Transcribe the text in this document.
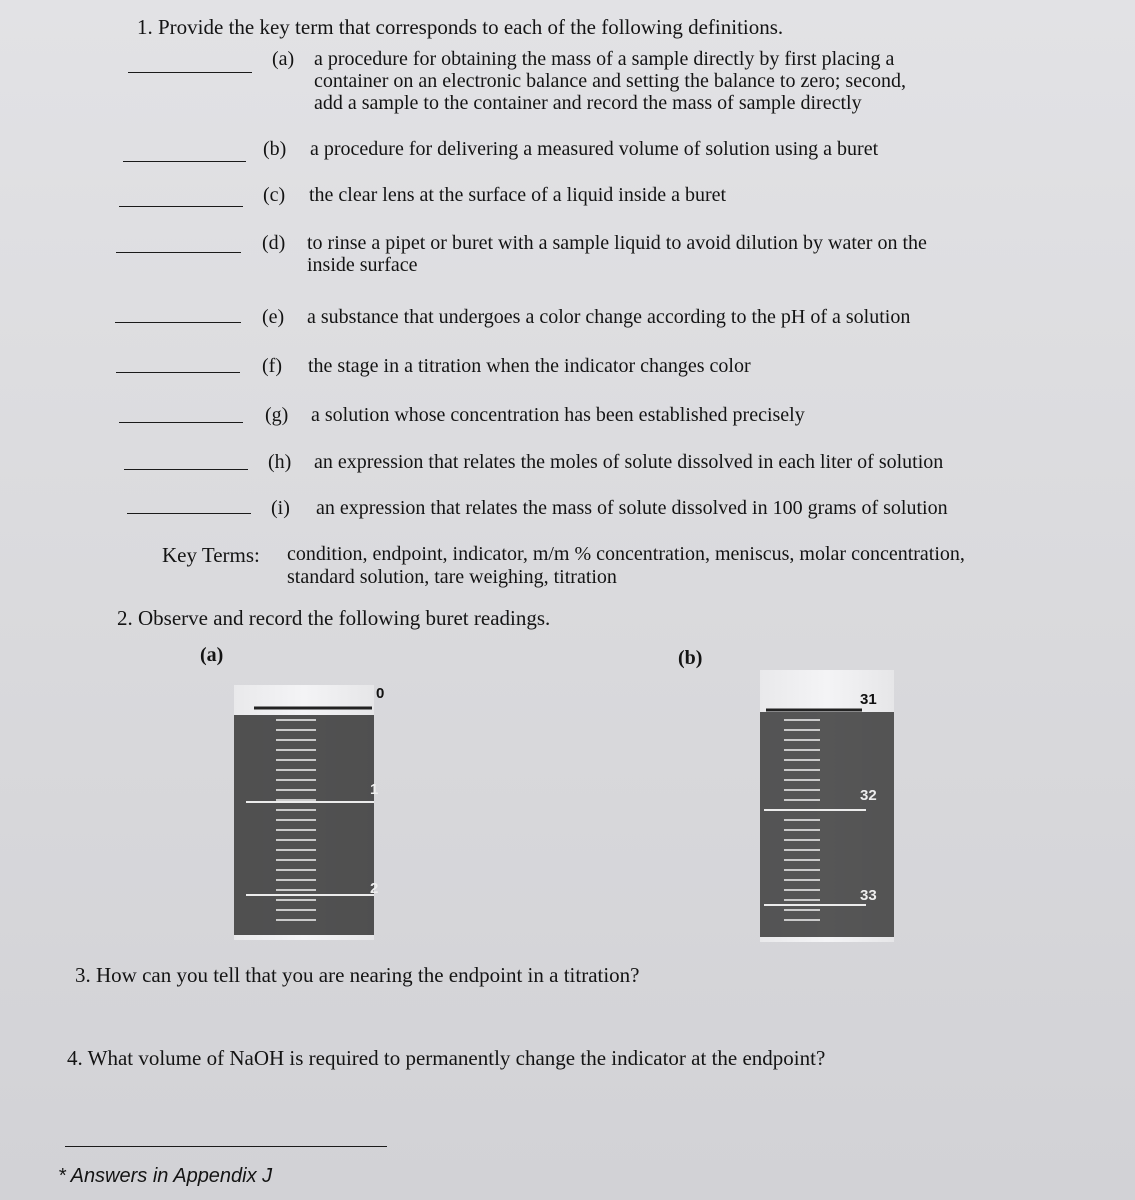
1. Provide the key term that corresponds to each of the following definitions.
(a) a procedure for obtaining the mass of a sample directly by first placing a
container on an electronic balance and setting the balance to zero; second,
add a sample to the container and record the mass of sample directly
(b) a procedure for delivering a measured volume of solution using a buret
(c) the clear lens at the surface of a liquid inside a buret
(d) to rinse a pipet or buret with a sample liquid to avoid dilution by water on the
inside surface
(e) a substance that undergoes a color change according to the pH of a solution
(f) the stage in a titration when the indicator changes color
(g) a solution whose concentration has been established precisely
(h) an expression that relates the moles of solute dissolved in each liter of solution
(i) an expression that relates the mass of solute dissolved in 100 grams of solution
Key Terms: condition, endpoint, indicator, m/m % concentration, meniscus, molar concentration,
standard solution, tare weighing, titration
2. Observe and record the following buret readings.
(a)	(b)
0
1
2
31
32
33
3. How can you tell that you are nearing the endpoint in a titration?
4. What volume of NaOH is required to permanently change the indicator at the endpoint?
* Answers in Appendix J
